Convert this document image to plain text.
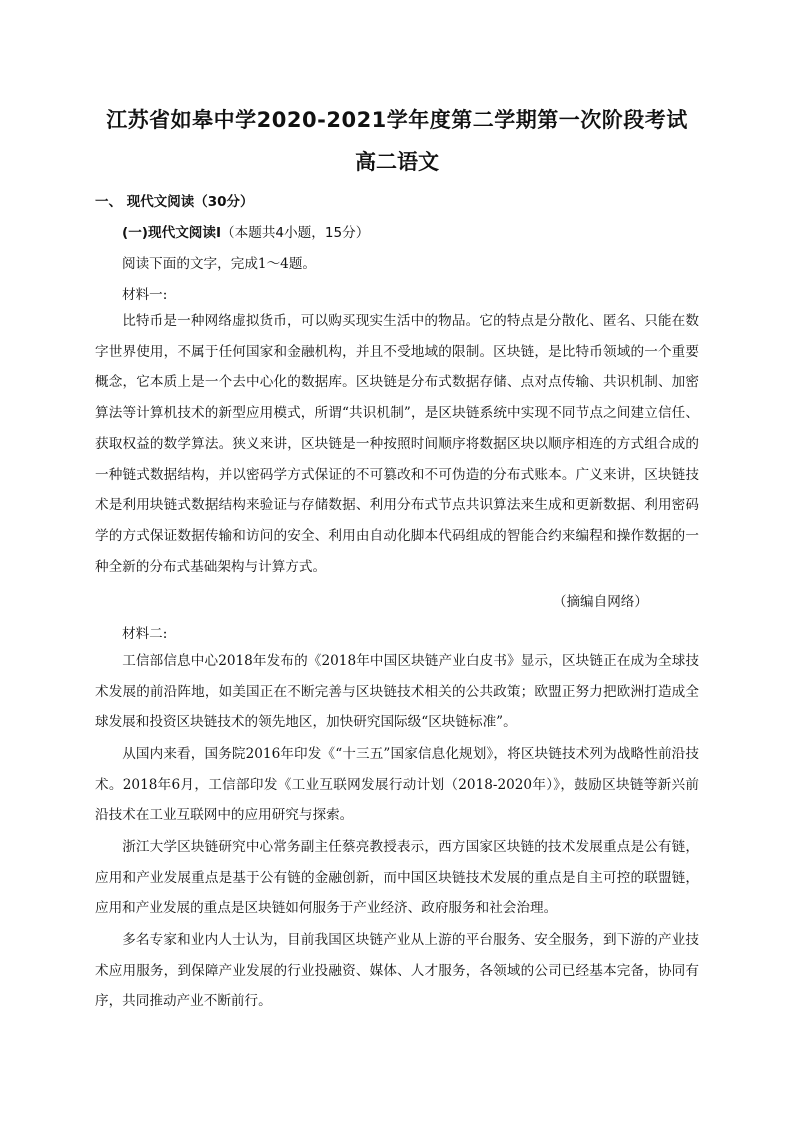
江苏省如皋中学2020-2021学年度第二学期第一次阶段考试
高二语文
一、 现代文阅读（30分）
(一)现代文阅读Ⅰ（本题共4小题，15分）
阅读下面的文字，完成1～4题。
材料一:
比特币是一种网络虚拟货币，可以购买现实生活中的物品。它的特点是分散化、匿名、只能在数字世界使用，不属于任何国家和金融机构，并且不受地域的限制。区块链，是比特币领域的一个重要概念，它本质上是一个去中心化的数据库。区块链是分布式数据存储、点对点传输、共识机制、加密算法等计算机技术的新型应用模式，所谓“共识机制”，是区块链系统中实现不同节点之间建立信任、获取权益的数学算法。狭义来讲，区块链是一种按照时间顺序将数据区块以顺序相连的方式组合成的一种链式数据结构，并以密码学方式保证的不可篡改和不可伪造的分布式账本。广义来讲，区块链技术是利用块链式数据结构来验证与存储数据、利用分布式节点共识算法来生成和更新数据、利用密码学的方式保证数据传输和访问的安全、利用由自动化脚本代码组成的智能合约来编程和操作数据的一种全新的分布式基础架构与计算方式。
（摘编自网络）
材料二:
工信部信息中心2018年发布的《2018年中国区块链产业白皮书》显示，区块链正在成为全球技术发展的前沿阵地，如美国正在不断完善与区块链技术相关的公共政策；欧盟正努力把欧洲打造成全球发展和投资区块链技术的领先地区，加快研究国际级“区块链标准”。
从国内来看，国务院2016年印发《“十三五”国家信息化规划》，将区块链技术列为战略性前沿技术。2018年6月，工信部印发《工业互联网发展行动计划（2018-2020年）》，鼓励区块链等新兴前沿技术在工业互联网中的应用研究与探索。
浙江大学区块链研究中心常务副主任蔡亮教授表示，西方国家区块链的技术发展重点是公有链，应用和产业发展重点是基于公有链的金融创新，而中国区块链技术发展的重点是自主可控的联盟链，应用和产业发展的重点是区块链如何服务于产业经济、政府服务和社会治理。
多名专家和业内人士认为，目前我国区块链产业从上游的平台服务、安全服务，到下游的产业技术应用服务，到保障产业发展的行业投融资、媒体、人才服务，各领域的公司已经基本完备，协同有序，共同推动产业不断前行。
